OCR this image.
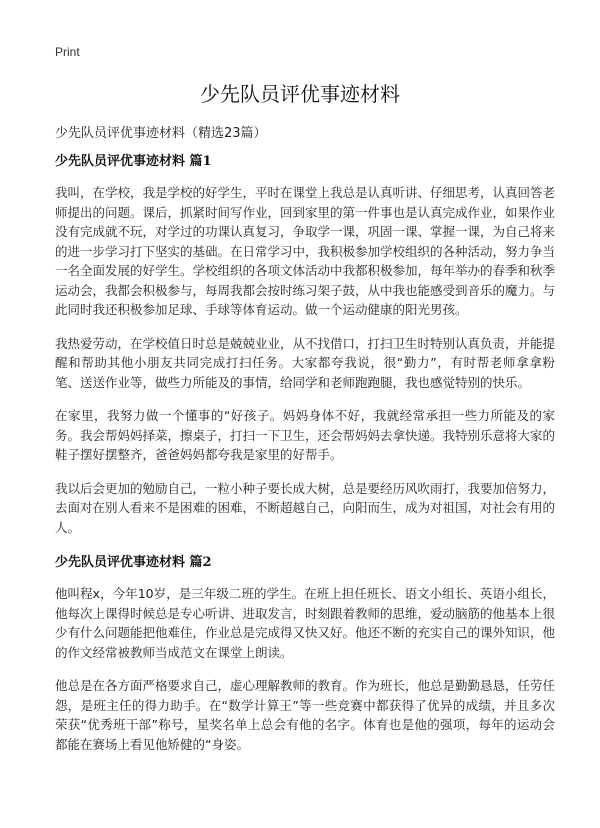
Print
少先队员评优事迹材料
少先队员评优事迹材料（精选23篇）

少先队员评优事迹材料 篇1

我叫，在学校，我是学校的好学生，平时在课堂上我总是认真听讲、仔细思考，认真回答老师提出的问题。课后，抓紧时间写作业，回到家里的第一件事也是认真完成作业，如果作业没有完成就不玩，对学过的功课认真复习，争取学一课，巩固一课、掌握一课，为自己将来的进一步学习打下坚实的基础。在日常学习中，我积极参加学校组织的各种活动，努力争当一名全面发展的好学生。学校组织的各项文体活动中我都积极参加，每年举办的春季和秋季运动会，我都会积极参与，每周我都会按时练习架子鼓，从中我也能感受到音乐的魔力。与此同时我还积极参加足球、手球等体育运动。做一个运动健康的阳光男孩。

我热爱劳动，在学校值日时总是兢兢业业，从不找借口，打扫卫生时特别认真负责，并能提醒和帮助其他小朋友共同完成打扫任务。大家都夸我说，很“勤力”，有时帮老师拿拿粉笔、送送作业等，做些力所能及的事情，给同学和老师跑跑腿，我也感觉特别的快乐。

在家里，我努力做一个懂事的“好孩子。妈妈身体不好，我就经常承担一些力所能及的家务。我会帮妈妈择菜，擦桌子，打扫一下卫生，还会帮妈妈去拿快递。我特别乐意将大家的鞋子摆好摆整齐，爸爸妈妈都夸我是家里的好帮手。

我以后会更加的勉励自己，一粒小种子要长成大树，总是要经历风吹雨打，我要加倍努力，去面对在别人看来不是困难的困难，不断超越自己，向阳而生，成为对祖国，对社会有用的人。

少先队员评优事迹材料 篇2

他叫程x，今年10岁，是三年级二班的学生。在班上担任班长、语文小组长、英语小组长，他每次上课得时候总是专心听讲、进取发言，时刻跟着教师的思维，爱动脑筋的他基本上很少有什么问题能把他难住，作业总是完成得又快又好。他还不断的充实自己的课外知识，他的作文经常被教师当成范文在课堂上朗读。

他总是在各方面严格要求自己，虚心理解教师的教育。作为班长，他总是勤勤恳恳，任劳任怨，是班主任的得力助手。在“数学计算王”等一些竞赛中都获得了优异的成绩，并且多次荣获“优秀班干部”称号，星奖名单上总会有他的名字。体育也是他的强项，每年的运动会都能在赛场上看见他矫健的“身姿。
